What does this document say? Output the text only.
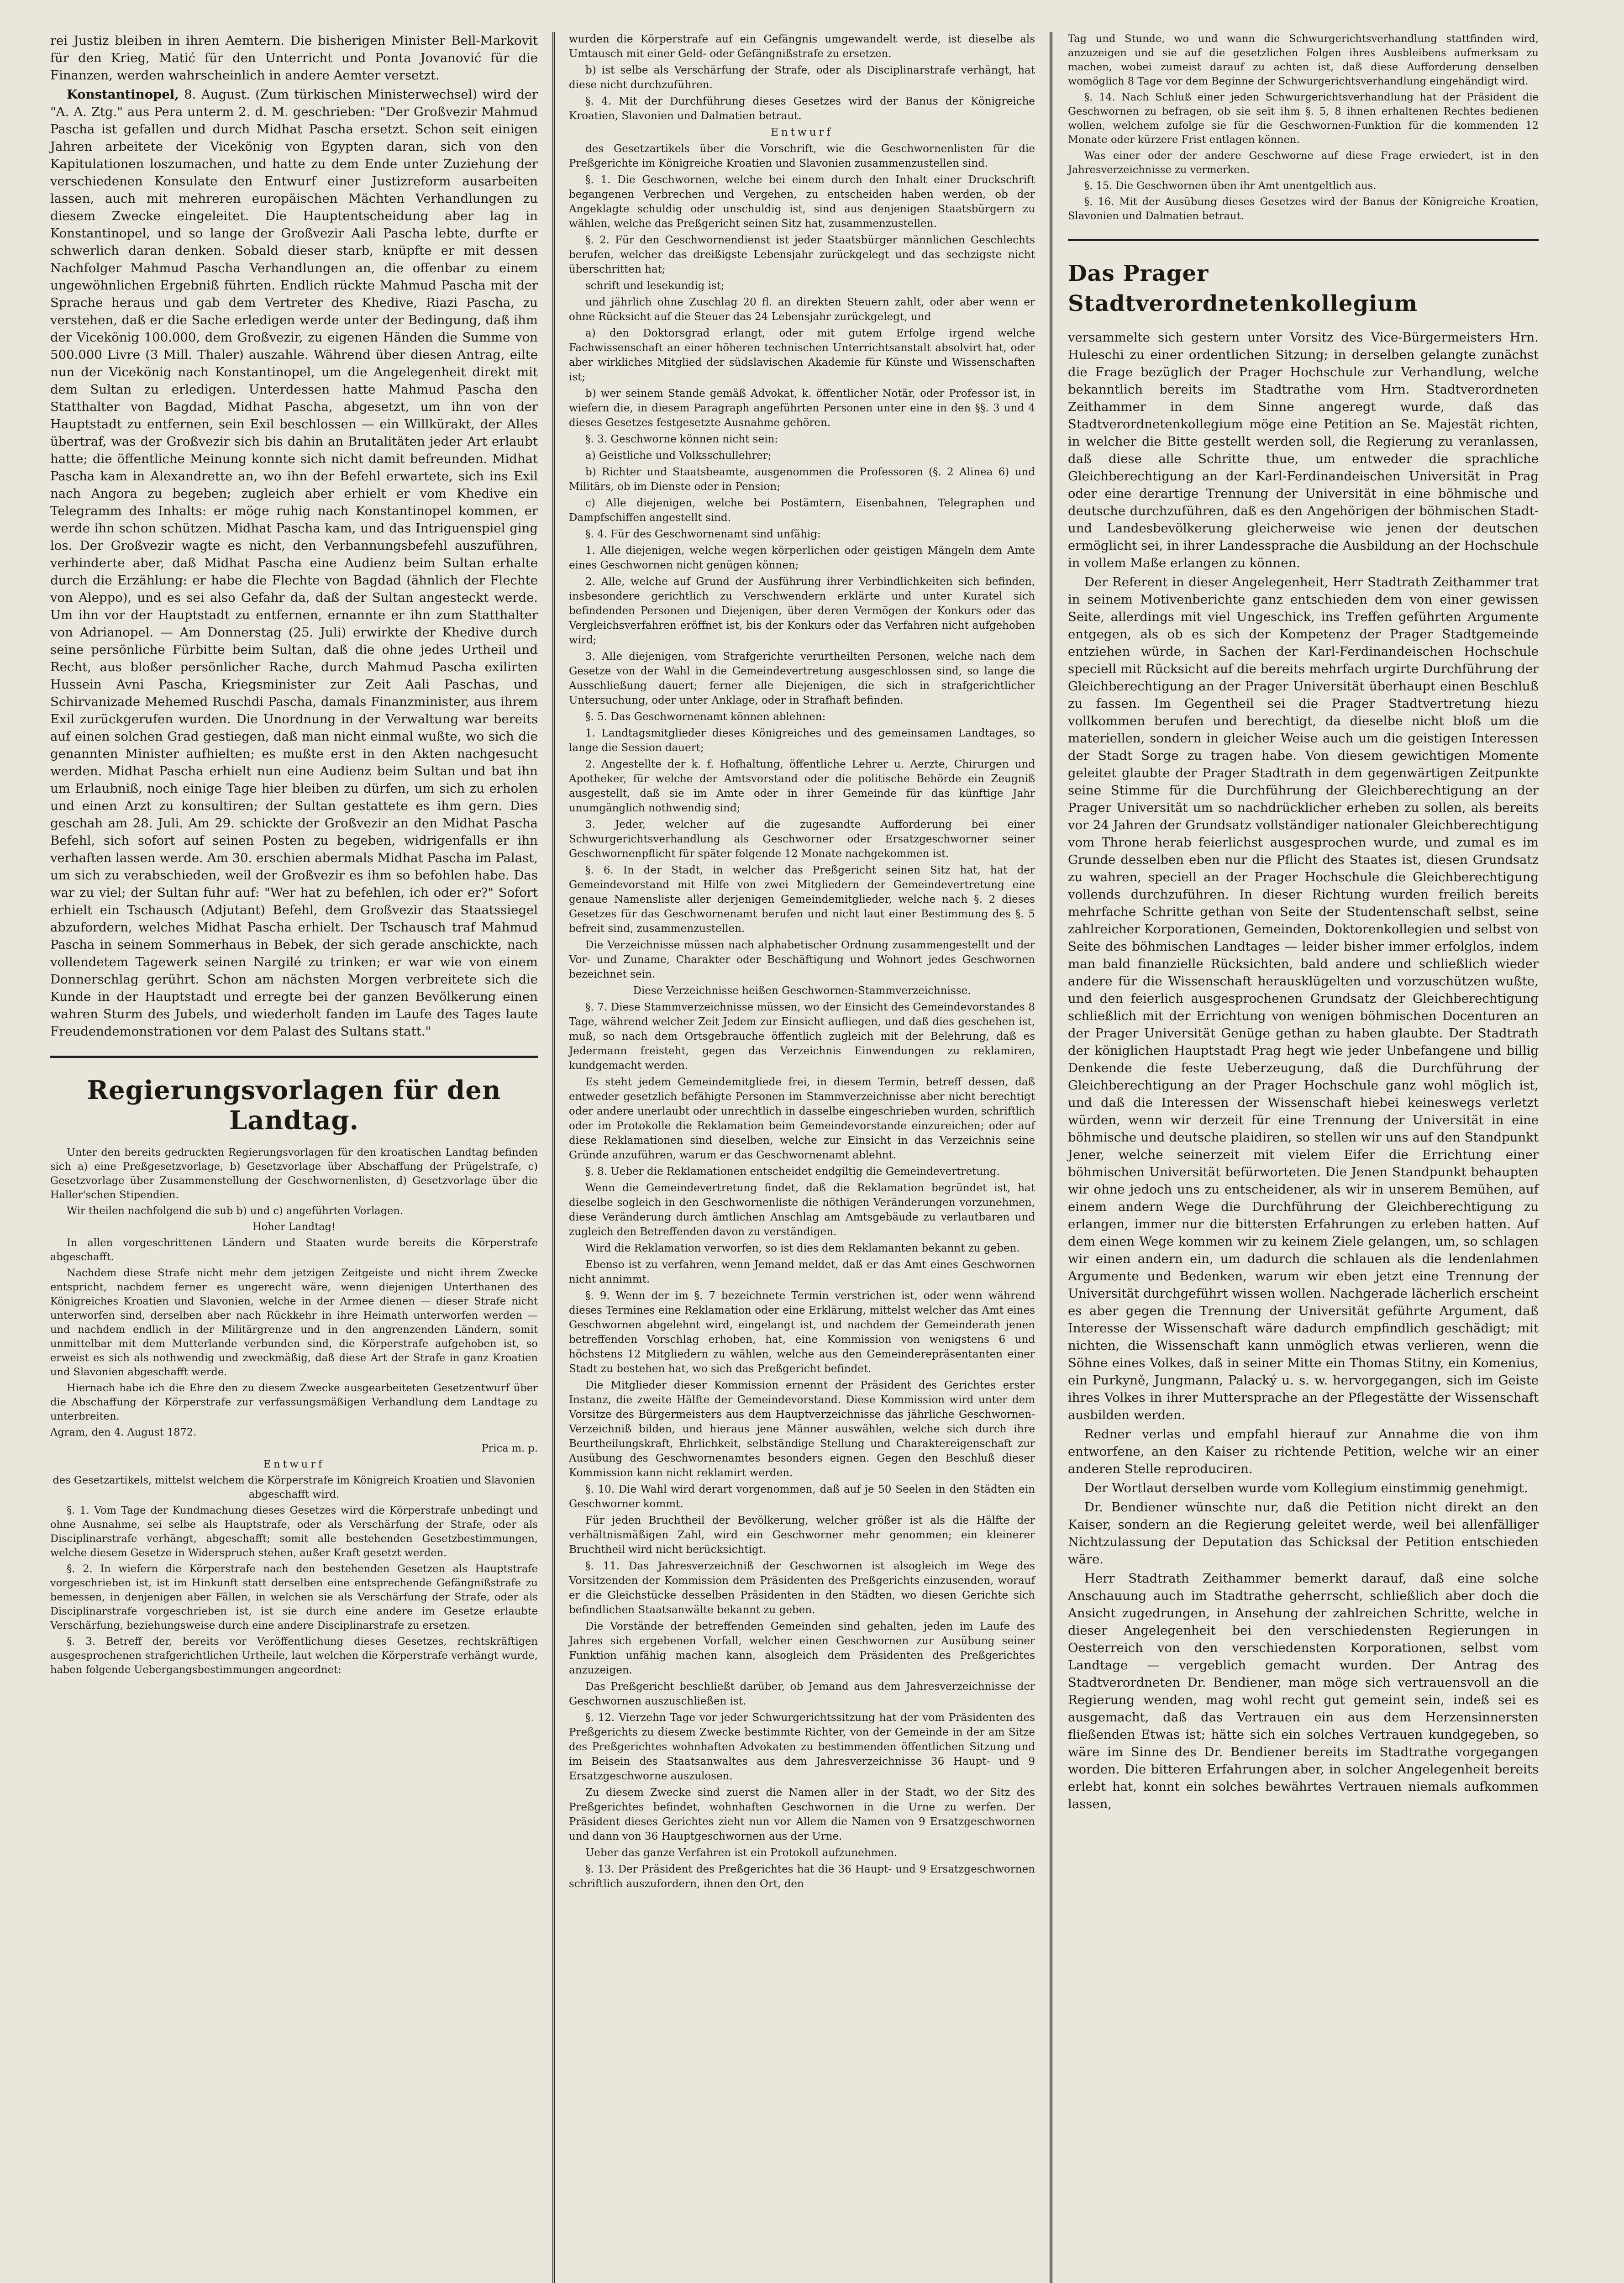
rei Justiz bleiben in ihren Aemtern. Die bisherigen Minister Bell-Markovit für den Krieg, Matić für den Unterricht und Ponta Jovanović für die Finanzen, werden wahrscheinlich in andere Aemter versetzt.

Konstantinopel, 8. August. (Zum türkischen Ministerwechsel) wird der "A. A. Ztg." aus Pera unterm 2. d. M. geschrieben: "Der Großvezir Mahmud Pascha ist gefallen und durch Midhat Pascha ersetzt. Schon seit einigen Jahren arbeitete der Vicekönig von Egypten daran, sich von den Kapitulationen loszumachen, und hatte zu dem Ende unter Zuziehung der verschiedenen Konsulate den Entwurf einer Justizreform ausarbeiten lassen, auch mit mehreren europäischen Mächten Verhandlungen zu diesem Zwecke eingeleitet. Die Hauptentscheidung aber lag in Konstantinopel, und so lange der Großvezir Aali Pascha lebte, durfte er schwerlich daran denken. Sobald dieser starb, knüpfte er mit dessen Nachfolger Mahmud Pascha Verhandlungen an, die offenbar zu einem ungewöhnlichen Ergebniß führten. Endlich rückte Mahmud Pascha mit der Sprache heraus und gab dem Vertreter des Khedive, Riazi Pascha, zu verstehen, daß er die Sache erledigen werde unter der Bedingung, daß ihm der Vicekönig 100.000, dem Großvezir, zu eigenen Händen die Summe von 500.000 Livre (3 Mill. Thaler) auszahle. Während über diesen Antrag, eilte nun der Vicekönig nach Konstantinopel, um die Angelegenheit direkt mit dem Sultan zu erledigen. Unterdessen hatte Mahmud Pascha den Statthalter von Bagdad, Midhat Pascha, abgesetzt, um ihn von der Hauptstadt zu entfernen, sein Exil beschlossen — ein Willkürakt, der Alles übertraf, was der Großvezir sich bis dahin an Brutalitäten jeder Art erlaubt hatte; die öffentliche Meinung konnte sich nicht damit befreunden. Midhat Pascha kam in Alexandrette an, wo ihn der Befehl erwartete, sich ins Exil nach Angora zu begeben; zugleich aber erhielt er vom Khedive ein Telegramm des Inhalts: er möge ruhig nach Konstantinopel kommen, er werde ihn schon schützen. Midhat Pascha kam, und das Intriguenspiel ging los. Der Großvezir wagte es nicht, den Verbannungsbefehl auszuführen, verhinderte aber, daß Midhat Pascha eine Audienz beim Sultan erhalte durch die Erzählung: er habe die Flechte von Bagdad (ähnlich der Flechte von Aleppo), und es sei also Gefahr da, daß der Sultan angesteckt werde. Um ihn vor der Hauptstadt zu entfernen, ernannte er ihn zum Statthalter von Adrianopel. — Am Donnerstag (25. Juli) erwirkte der Khedive durch seine persönliche Fürbitte beim Sultan, daß die ohne jedes Urtheil und Recht, aus bloßer persönlicher Rache, durch Mahmud Pascha exilirten Hussein Avni Pascha, Kriegsminister zur Zeit Aali Paschas, und Schirvanizade Mehemed Ruschdi Pascha, damals Finanzminister, aus ihrem Exil zurückgerufen wurden. Die Unordnung in der Verwaltung war bereits auf einen solchen Grad gestiegen, daß man nicht einmal wußte, wo sich die genannten Minister aufhielten; es mußte erst in den Akten nachgesucht werden. Midhat Pascha erhielt nun eine Audienz beim Sultan und bat ihn um Erlaubniß, noch einige Tage hier bleiben zu dürfen, um sich zu erholen und einen Arzt zu konsultiren; der Sultan gestattete es ihm gern. Dies geschah am 28. Juli. Am 29. schickte der Großvezir an den Midhat Pascha Befehl, sich sofort auf seinen Posten zu begeben, widrigenfalls er ihn verhaften lassen werde. Am 30. erschien abermals Midhat Pascha im Palast, um sich zu verabschieden, weil der Großvezir es ihm so befohlen habe. Das war zu viel; der Sultan fuhr auf: "Wer hat zu befehlen, ich oder er?" Sofort erhielt ein Tschausch (Adjutant) Befehl, dem Großvezir das Staatssiegel abzufordern, welches Midhat Pascha erhielt. Der Tschausch traf Mahmud Pascha in seinem Sommerhaus in Bebek, der sich gerade anschickte, nach vollendetem Tagewerk seinen Nargilé zu trinken; er war wie von einem Donnerschlag gerührt. Schon am nächsten Morgen verbreitete sich die Kunde in der Hauptstadt und erregte bei der ganzen Bevölkerung einen wahren Sturm des Jubels, und wiederholt fanden im Laufe des Tages laute Freudendemonstrationen vor dem Palast des Sultans statt."

Regierungsvorlagen für den Landtag.

Unter den bereits gedruckten Regierungsvorlagen für den kroatischen Landtag befinden sich a) eine Preßgesetzvorlage, b) Gesetzvorlage über Abschaffung der Prügelstrafe, c) Gesetzvorlage über Zusammenstellung der Geschwornenlisten, d) Gesetzvorlage über die Haller'schen Stipendien.

Wir theilen nachfolgend die sub b) und c) angeführten Vorlagen.

Hoher Landtag!

In allen vorgeschrittenen Ländern und Staaten wurde bereits die Körperstrafe abgeschafft.

Nachdem diese Strafe nicht mehr dem jetzigen Zeitgeiste und nicht ihrem Zwecke entspricht, nachdem ferner es ungerecht wäre, wenn diejenigen Unterthanen des Königreiches Kroatien und Slavonien, welche in der Armee dienen — dieser Strafe nicht unterworfen sind, derselben aber nach Rückkehr in ihre Heimath unterworfen werden — und nachdem endlich in der Militärgrenze und in den angrenzenden Ländern, somit unmittelbar mit dem Mutterlande verbunden sind, die Körperstrafe aufgehoben ist, so erweist es sich als nothwendig und zweckmäßig, daß diese Art der Strafe in ganz Kroatien und Slavonien abgeschafft werde.

Hiernach habe ich die Ehre den zu diesem Zwecke ausgearbeiteten Gesetzentwurf über die Abschaffung der Körperstrafe zur verfassungsmäßigen Verhandlung dem Landtage zu unterbreiten.

Agram, den 4. August 1872.

Prica m. p.

Entwurf

des Gesetzartikels, mittelst welchem die Körperstrafe im Königreich Kroatien und Slavonien abgeschafft wird.

§. 1. Vom Tage der Kundmachung dieses Gesetzes wird die Körperstrafe unbedingt und ohne Ausnahme, sei selbe als Hauptstrafe, oder als Verschärfung der Strafe, oder als Disciplinarstrafe verhängt, abgeschafft; somit alle bestehenden Gesetzbestimmungen, welche diesem Gesetze in Widerspruch stehen, außer Kraft gesetzt werden.

§. 2. In wiefern die Körperstrafe nach den bestehenden Gesetzen als Hauptstrafe vorgeschrieben ist, ist im Hinkunft statt derselben eine entsprechende Gefängnißstrafe zu bemessen, in denjenigen aber Fällen, in welchen sie als Verschärfung der Strafe, oder als Disciplinarstrafe vorgeschrieben ist, ist sie durch eine andere im Gesetze erlaubte Verschärfung, beziehungsweise durch eine andere Disciplinarstrafe zu ersetzen.

§. 3. Betreff der, bereits vor Veröffentlichung dieses Gesetzes, rechtskräftigen ausgesprochenen strafgerichtlichen Urtheile, laut welchen die Körperstrafe verhängt wurde, haben folgende Uebergangsbestimmungen angeordnet:

wurden die Körperstrafe auf ein Gefängnis umgewandelt werde, ist dieselbe als Umtausch mit einer Geld- oder Gefängnißstrafe zu ersetzen.

b) ist selbe als Verschärfung der Strafe, oder als Disciplinarstrafe verhängt, hat diese nicht durchzuführen.

§. 4. Mit der Durchführung dieses Gesetzes wird der Banus der Königreiche Kroatien, Slavonien und Dalmatien betraut.

Entwurf

des Gesetzartikels über die Vorschrift, wie die Geschwornenlisten für die Preßgerichte im Königreiche Kroatien und Slavonien zusammenzustellen sind.

§. 1. Die Geschwornen, welche bei einem durch den Inhalt einer Druckschrift begangenen Verbrechen und Vergehen, zu entscheiden haben werden, ob der Angeklagte schuldig oder unschuldig ist, sind aus denjenigen Staatsbürgern zu wählen, welche das Preßgericht seinen Sitz hat, zusammenzustellen.

§. 2. Für den Geschwornendienst ist jeder Staatsbürger männlichen Geschlechts berufen, welcher das dreißigste Lebensjahr zurückgelegt und das sechzigste nicht überschritten hat;

schrift und lesekundig ist;

und jährlich ohne Zuschlag 20 fl. an direkten Steuern zahlt, oder aber wenn er ohne Rücksicht auf die Steuer das 24 Lebensjahr zurückgelegt, und

a) den Doktorsgrad erlangt, oder mit gutem Erfolge irgend welche Fachwissenschaft an einer höheren technischen Unterrichtsanstalt absolvirt hat, oder aber wirkliches Mitglied der südslavischen Akademie für Künste und Wissenschaften ist;

b) wer seinem Stande gemäß Advokat, k. öffentlicher Notär, oder Professor ist, in wiefern die, in diesem Paragraph angeführten Personen unter eine in den §§. 3 und 4 dieses Gesetzes festgesetzte Ausnahme gehören.

§. 3. Geschworne können nicht sein:

a) Geistliche und Volksschullehrer;

b) Richter und Staatsbeamte, ausgenommen die Professoren (§. 2 Alinea 6) und Militärs, ob im Dienste oder in Pension;

c) Alle diejenigen, welche bei Postämtern, Eisenbahnen, Telegraphen und Dampfschiffen angestellt sind.

§. 4. Für des Geschwornenamt sind unfähig:

1. Alle diejenigen, welche wegen körperlichen oder geistigen Mängeln dem Amte eines Geschwornen nicht genügen können;

2. Alle, welche auf Grund der Ausführung ihrer Verbindlichkeiten sich befinden, insbesondere gerichtlich zu Verschwendern erklärte und unter Kuratel sich befindenden Personen und Diejenigen, über deren Vermögen der Konkurs oder das Vergleichsverfahren eröffnet ist, bis der Konkurs oder das Verfahren nicht aufgehoben wird;

3. Alle diejenigen, vom Strafgerichte verurtheilten Personen, welche nach dem Gesetze von der Wahl in die Gemeindevertretung ausgeschlossen sind, so lange die Ausschließung dauert; ferner alle Diejenigen, die sich in strafgerichtlicher Untersuchung, oder unter Anklage, oder in Strafhaft befinden.

§. 5. Das Geschwornenamt können ablehnen:

1. Landtagsmitglieder dieses Königreiches und des gemeinsamen Landtages, so lange die Session dauert;

2. Angestellte der k. f. Hofhaltung, öffentliche Lehrer u. Aerzte, Chirurgen und Apotheker, für welche der Amtsvorstand oder die politische Behörde ein Zeugniß ausgestellt, daß sie im Amte oder in ihrer Gemeinde für das künftige Jahr unumgänglich nothwendig sind;

3. Jeder, welcher auf die zugesandte Aufforderung bei einer Schwurgerichtsverhandlung als Geschworner oder Ersatzgeschworner seiner Geschwornenpflicht für später folgende 12 Monate nachgekommen ist.

§. 6. In der Stadt, in welcher das Preßgericht seinen Sitz hat, hat der Gemeindevorstand mit Hilfe von zwei Mitgliedern der Gemeindevertretung eine genaue Namensliste aller derjenigen Gemeindemitglieder, welche nach §. 2 dieses Gesetzes für das Geschwornenamt berufen und nicht laut einer Bestimmung des §. 5 befreit sind, zusammenzustellen.

Die Verzeichnisse müssen nach alphabetischer Ordnung zusammengestellt und der Vor- und Zuname, Charakter oder Beschäftigung und Wohnort jedes Geschwornen bezeichnet sein.

Diese Verzeichnisse heißen Geschwornen-Stammverzeichnisse.

§. 7. Diese Stammverzeichnisse müssen, wo der Einsicht des Gemeindevorstandes 8 Tage, während welcher Zeit Jedem zur Einsicht aufliegen, und daß dies geschehen ist, muß, so nach dem Ortsgebrauche öffentlich zugleich mit der Belehrung, daß es Jedermann freisteht, gegen das Verzeichnis Einwendungen zu reklamiren, kundgemacht werden.

Es steht jedem Gemeindemitgliede frei, in diesem Termin, betreff dessen, daß entweder gesetzlich befähigte Personen im Stammverzeichnisse aber nicht berechtigt oder andere unerlaubt oder unrechtlich in dasselbe eingeschrieben wurden, schriftlich oder im Protokolle die Reklamation beim Gemeindevorstande einzureichen; oder auf diese Reklamationen sind dieselben, welche zur Einsicht in das Verzeichnis seine Gründe anzuführen, warum er das Geschwornenamt ablehnt.

§. 8. Ueber die Reklamationen entscheidet endgiltig die Gemeindevertretung.

Wenn die Gemeindevertretung findet, daß die Reklamation begründet ist, hat dieselbe sogleich in den Geschwornenliste die nöthigen Veränderungen vorzunehmen, diese Veränderung durch ämtlichen Anschlag am Amtsgebäude zu verlautbaren und zugleich den Betreffenden davon zu verständigen.

Wird die Reklamation verworfen, so ist dies dem Reklamanten bekannt zu geben.

Ebenso ist zu verfahren, wenn Jemand meldet, daß er das Amt eines Geschwornen nicht annimmt.

§. 9. Wenn der im §. 7 bezeichnete Termin verstrichen ist, oder wenn während dieses Termines eine Reklamation oder eine Erklärung, mittelst welcher das Amt eines Geschwornen abgelehnt wird, eingelangt ist, und nachdem der Gemeinderath jenen betreffenden Vorschlag erhoben, hat, eine Kommission von wenigstens 6 und höchstens 12 Mitgliedern zu wählen, welche aus den Gemeinderepräsentanten einer Stadt zu bestehen hat, wo sich das Preßgericht befindet.

Die Mitglieder dieser Kommission ernennt der Präsident des Gerichtes erster Instanz, die zweite Hälfte der Gemeindevorstand. Diese Kommission wird unter dem Vorsitze des Bürgermeisters aus dem Hauptverzeichnisse das jährliche Geschwornen-Verzeichniß bilden, und hieraus jene Männer auswählen, welche sich durch ihre Beurtheilungskraft, Ehrlichkeit, selbständige Stellung und Charaktereigenschaft zur Ausübung des Geschwornenamtes besonders eignen. Gegen den Beschluß dieser Kommission kann nicht reklamirt werden.

§. 10. Die Wahl wird derart vorgenommen, daß auf je 50 Seelen in den Städten ein Geschworner kommt.

Für jeden Bruchtheil der Bevölkerung, welcher größer ist als die Hälfte der verhältnismäßigen Zahl, wird ein Geschworner mehr genommen; ein kleinerer Bruchtheil wird nicht berücksichtigt.

§. 11. Das Jahresverzeichniß der Geschwornen ist alsogleich im Wege des Vorsitzenden der Kommission dem Präsidenten des Preßgerichts einzusenden, worauf er die Gleichstücke desselben Präsidenten in den Städten, wo diesen Gerichte sich befindlichen Staatsanwälte bekannt zu geben.

Die Vorstände der betreffenden Gemeinden sind gehalten, jeden im Laufe des Jahres sich ergebenen Vorfall, welcher einen Geschwornen zur Ausübung seiner Funktion unfähig machen kann, alsogleich dem Präsidenten des Preßgerichtes anzuzeigen.

Das Preßgericht beschließt darüber, ob Jemand aus dem Jahresverzeichnisse der Geschwornen auszuschließen ist.

§. 12. Vierzehn Tage vor jeder Schwurgerichtssitzung hat der vom Präsidenten des Preßgerichts zu diesem Zwecke bestimmte Richter, von der Gemeinde in der am Sitze des Preßgerichtes wohnhaften Advokaten zu bestimmenden öffentlichen Sitzung und im Beisein des Staatsanwaltes aus dem Jahresverzeichnisse 36 Haupt- und 9 Ersatzgeschworne auszulosen.

Zu diesem Zwecke sind zuerst die Namen aller in der Stadt, wo der Sitz des Preßgerichtes befindet, wohnhaften Geschwornen in die Urne zu werfen. Der Präsident dieses Gerichtes zieht nun vor Allem die Namen von 9 Ersatzgeschwornen und dann von 36 Hauptgeschwornen aus der Urne.

Ueber das ganze Verfahren ist ein Protokoll aufzunehmen.

§. 13. Der Präsident des Preßgerichtes hat die 36 Haupt- und 9 Ersatzgeschwornen schriftlich auszufordern, ihnen den Ort, den

Tag und Stunde, wo und wann die Schwurgerichtsverhandlung stattfinden wird, anzuzeigen und sie auf die gesetzlichen Folgen ihres Ausbleibens aufmerksam zu machen, wobei zumeist darauf zu achten ist, daß diese Aufforderung denselben womöglich 8 Tage vor dem Beginne der Schwurgerichtsverhandlung eingehändigt wird.

§. 14. Nach Schluß einer jeden Schwurgerichtsverhandlung hat der Präsident die Geschwornen zu befragen, ob sie seit ihm §. 5, 8 ihnen erhaltenen Rechtes bedienen wollen, welchem zufolge sie für die Geschwornen-Funktion für die kommenden 12 Monate oder kürzere Frist entlagen können.

Was einer oder der andere Geschworne auf diese Frage erwiedert, ist in den Jahresverzeichnisse zu vermerken.

§. 15. Die Geschwornen üben ihr Amt unentgeltlich aus.

§. 16. Mit der Ausübung dieses Gesetzes wird der Banus der Königreiche Kroatien, Slavonien und Dalmatien betraut.

Das Prager Stadtverordnetenkollegium

versammelte sich gestern unter Vorsitz des Vice-Bürgermeisters Hrn. Huleschi zu einer ordentlichen Sitzung; in derselben gelangte zunächst die Frage bezüglich der Prager Hochschule zur Verhandlung, welche bekanntlich bereits im Stadtrathe vom Hrn. Stadtverordneten Zeithammer in dem Sinne angeregt wurde, daß das Stadtverordnetenkollegium möge eine Petition an Se. Majestät richten, in welcher die Bitte gestellt werden soll, die Regierung zu veranlassen, daß diese alle Schritte thue, um entweder die sprachliche Gleichberechtigung an der Karl-Ferdinandeischen Universität in Prag oder eine derartige Trennung der Universität in eine böhmische und deutsche durchzuführen, daß es den Angehörigen der böhmischen Stadt- und Landesbevölkerung gleicherweise wie jenen der deutschen ermöglicht sei, in ihrer Landessprache die Ausbildung an der Hochschule in vollem Maße erlangen zu können.

Der Referent in dieser Angelegenheit, Herr Stadtrath Zeithammer trat in seinem Motivenberichte ganz entschieden dem von einer gewissen Seite, allerdings mit viel Ungeschick, ins Treffen geführten Argumente entgegen, als ob es sich der Kompetenz der Prager Stadtgemeinde entziehen würde, in Sachen der Karl-Ferdinandeischen Hochschule speciell mit Rücksicht auf die bereits mehrfach urgirte Durchführung der Gleichberechtigung an der Prager Universität überhaupt einen Beschluß zu fassen. Im Gegentheil sei die Prager Stadtvertretung hiezu vollkommen berufen und berechtigt, da dieselbe nicht bloß um die materiellen, sondern in gleicher Weise auch um die geistigen Interessen der Stadt Sorge zu tragen habe. Von diesem gewichtigen Momente geleitet glaubte der Prager Stadtrath in dem gegenwärtigen Zeitpunkte seine Stimme für die Durchführung der Gleichberechtigung an der Prager Universität um so nachdrücklicher erheben zu sollen, als bereits vor 24 Jahren der Grundsatz vollständiger nationaler Gleichberechtigung vom Throne herab feierlichst ausgesprochen wurde, und zumal es im Grunde desselben eben nur die Pflicht des Staates ist, diesen Grundsatz zu wahren, speciell an der Prager Hochschule die Gleichberechtigung vollends durchzuführen. In dieser Richtung wurden freilich bereits mehrfache Schritte gethan von Seite der Studentenschaft selbst, seine zahlreicher Korporationen, Gemeinden, Doktorenkollegien und selbst von Seite des böhmischen Landtages — leider bisher immer erfolglos, indem man bald finanzielle Rücksichten, bald andere und schließlich wieder andere für die Wissenschaft herausklügelten und vorzuschützen wußte, und den feierlich ausgesprochenen Grundsatz der Gleichberechtigung schließlich mit der Errichtung von wenigen böhmischen Docenturen an der Prager Universität Genüge gethan zu haben glaubte. Der Stadtrath der königlichen Hauptstadt Prag hegt wie jeder Unbefangene und billig Denkende die feste Ueberzeugung, daß die Durchführung der Gleichberechtigung an der Prager Hochschule ganz wohl möglich ist, und daß die Interessen der Wissenschaft hiebei keineswegs verletzt würden, wenn wir derzeit für eine Trennung der Universität in eine böhmische und deutsche plaidiren, so stellen wir uns auf den Standpunkt Jener, welche seinerzeit mit vielem Eifer die Errichtung einer böhmischen Universität befürworteten. Die Jenen Standpunkt behaupten wir ohne jedoch uns zu entscheidener, als wir in unserem Bemühen, auf einem andern Wege die Durchführung der Gleichberechtigung zu erlangen, immer nur die bittersten Erfahrungen zu erleben hatten. Auf dem einen Wege kommen wir zu keinem Ziele gelangen, um, so schlagen wir einen andern ein, um dadurch die schlauen als die lendenlahmen Argumente und Bedenken, warum wir eben jetzt eine Trennung der Universität durchgeführt wissen wollen. Nachgerade lächerlich erscheint es aber gegen die Trennung der Universität geführte Argument, daß Interesse der Wissenschaft wäre dadurch empfindlich geschädigt; mit nichten, die Wissenschaft kann unmöglich etwas verlieren, wenn die Söhne eines Volkes, daß in seiner Mitte ein Thomas Stitny, ein Komenius, ein Purkyně, Jungmann, Palacký u. s. w. hervorgegangen, sich im Geiste ihres Volkes in ihrer Muttersprache an der Pflegestätte der Wissenschaft ausbilden werden.

Redner verlas und empfahl hierauf zur Annahme die von ihm entworfene, an den Kaiser zu richtende Petition, welche wir an einer anderen Stelle reproduciren.

Der Wortlaut derselben wurde vom Kollegium einstimmig genehmigt.

Dr. Bendiener wünschte nur, daß die Petition nicht direkt an den Kaiser, sondern an die Regierung geleitet werde, weil bei allenfälliger Nichtzulassung der Deputation das Schicksal der Petition entschieden wäre.

Herr Stadtrath Zeithammer bemerkt darauf, daß eine solche Anschauung auch im Stadtrathe geherrscht, schließlich aber doch die Ansicht zugedrungen, in Ansehung der zahlreichen Schritte, welche in dieser Angelegenheit bei den verschiedensten Regierungen in Oesterreich von den verschiedensten Korporationen, selbst vom Landtage — vergeblich gemacht wurden. Der Antrag des Stadtverordneten Dr. Bendiener, man möge sich vertrauensvoll an die Regierung wenden, mag wohl recht gut gemeint sein, indeß sei es ausgemacht, daß das Vertrauen ein aus dem Herzensinnersten fließenden Etwas ist; hätte sich ein solches Vertrauen kundgegeben, so wäre im Sinne des Dr. Bendiener bereits im Stadtrathe vorgegangen worden. Die bitteren Erfahrungen aber, in solcher Angelegenheit bereits erlebt hat, konnt ein solches bewährtes Vertrauen niemals aufkommen lassen,
